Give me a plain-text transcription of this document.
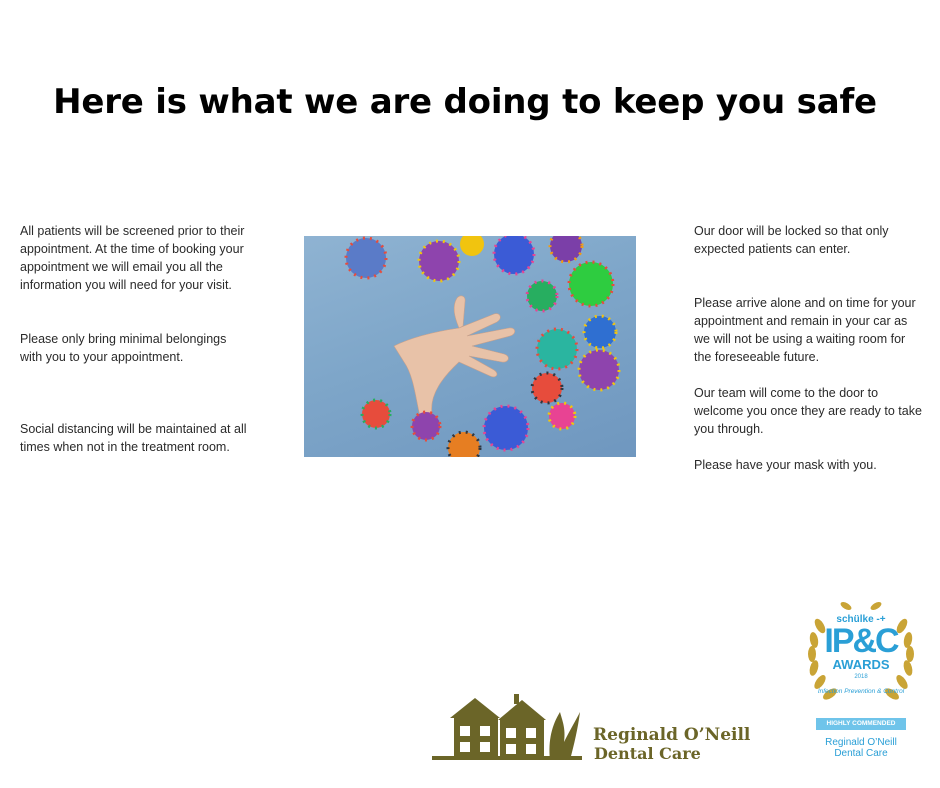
Here is what we are doing to keep you safe

All patients will be screened prior to their appointment. At the time of booking your appointment we will email you all the information you will need for your visit.

Please only bring minimal belongings with you to your appointment.

Social distancing will be maintained at all times when not in the treatment room.

Our door will be locked so that only expected patients can enter.

Please arrive alone and on time for your appointment and remain in your car as we will not be using a waiting room for the foreseeable future.

Our team will come to the door to welcome you once they are ready to take you through.

Please have your mask with you.

Reginald O’Neill
Dental Care
schülke -+
IP&C
AWARDS
2018
Infection Prevention & Control
HIGHLY COMMENDED
Reginald O’Neill
Dental Care
